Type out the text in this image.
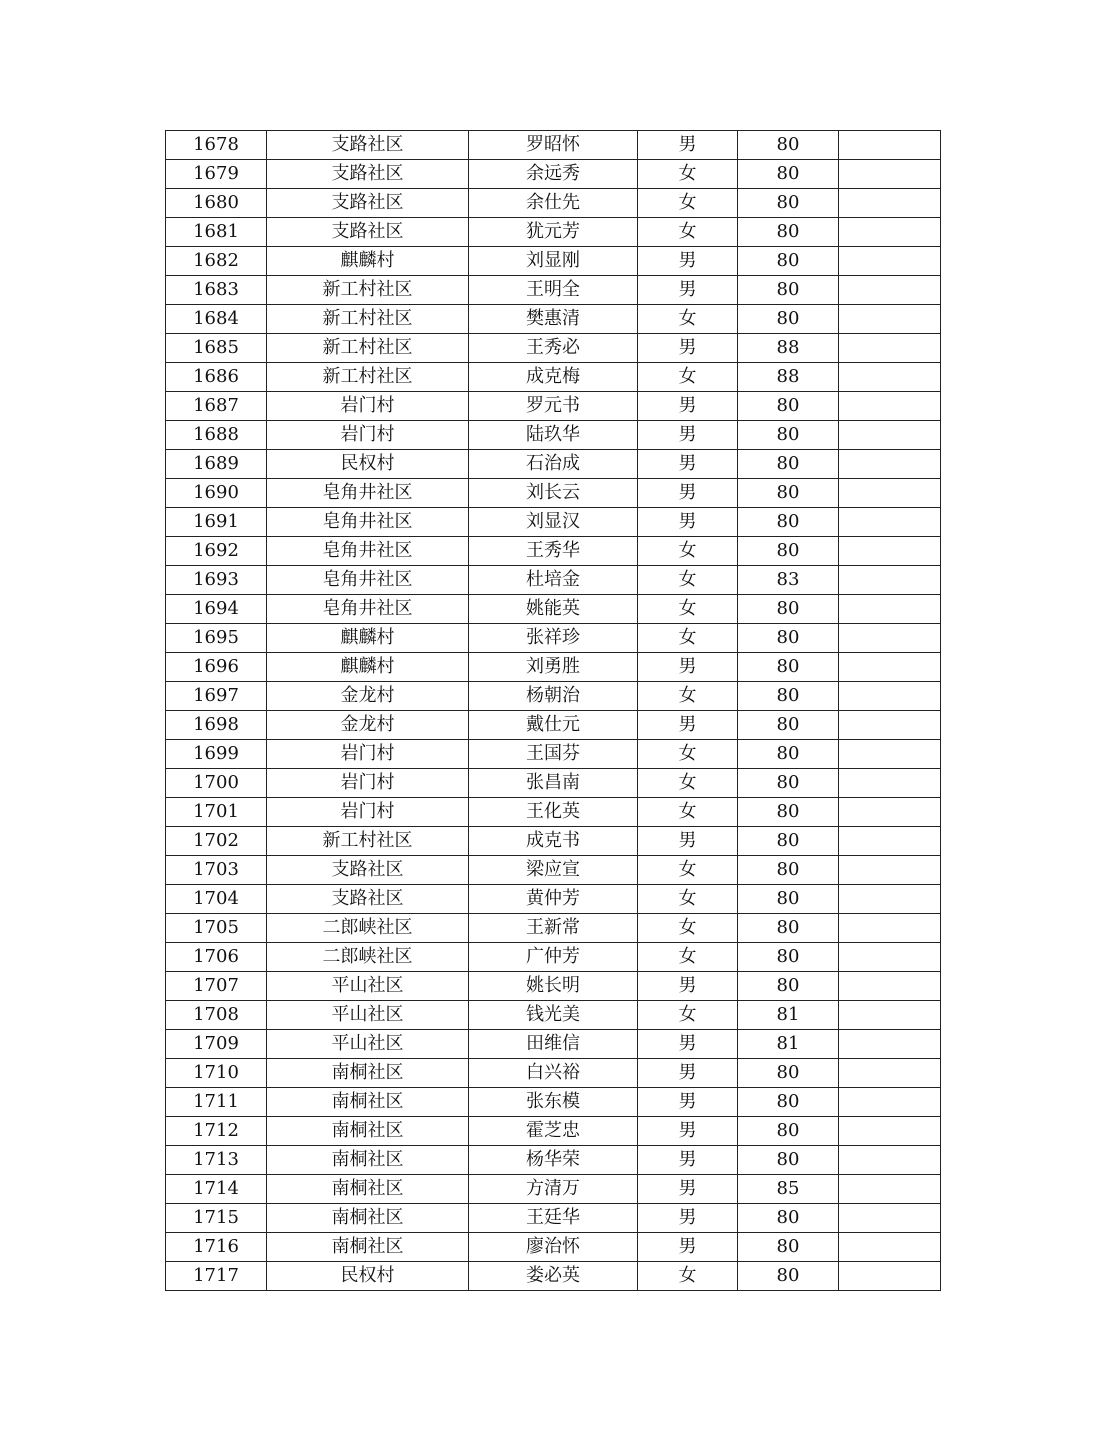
1678	支路社区	罗昭怀	男	80	
1679	支路社区	余远秀	女	80	
1680	支路社区	余仕先	女	80	
1681	支路社区	犹元芳	女	80	
1682	麒麟村	刘显刚	男	80	
1683	新工村社区	王明全	男	80	
1684	新工村社区	樊惠清	女	80	
1685	新工村社区	王秀必	男	88	
1686	新工村社区	成克梅	女	88	
1687	岩门村	罗元书	男	80	
1688	岩门村	陆玖华	男	80	
1689	民权村	石治成	男	80	
1690	皂角井社区	刘长云	男	80	
1691	皂角井社区	刘显汉	男	80	
1692	皂角井社区	王秀华	女	80	
1693	皂角井社区	杜培金	女	83	
1694	皂角井社区	姚能英	女	80	
1695	麒麟村	张祥珍	女	80	
1696	麒麟村	刘勇胜	男	80	
1697	金龙村	杨朝治	女	80	
1698	金龙村	戴仕元	男	80	
1699	岩门村	王国芬	女	80	
1700	岩门村	张昌南	女	80	
1701	岩门村	王化英	女	80	
1702	新工村社区	成克书	男	80	
1703	支路社区	梁应宣	女	80	
1704	支路社区	黄仲芳	女	80	
1705	二郎峡社区	王新常	女	80	
1706	二郎峡社区	广仲芳	女	80	
1707	平山社区	姚长明	男	80	
1708	平山社区	钱光美	女	81	
1709	平山社区	田维信	男	81	
1710	南桐社区	白兴裕	男	80	
1711	南桐社区	张东模	男	80	
1712	南桐社区	霍芝忠	男	80	
1713	南桐社区	杨华荣	男	80	
1714	南桐社区	方清万	男	85	
1715	南桐社区	王廷华	男	80	
1716	南桐社区	廖治怀	男	80	
1717	民权村	娄必英	女	80	
